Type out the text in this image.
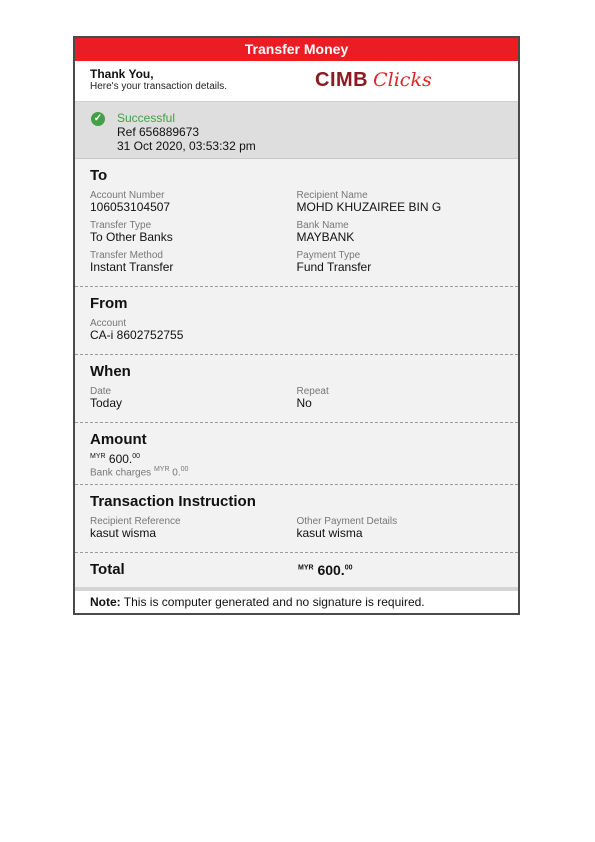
Transfer Money
Thank You,
Here's your transaction details.	CIMB Clicks
✓ Successful
Ref 656889673
31 Oct 2020, 03:53:32 pm
To
Account Number
106053104507
Recipient Name
MOHD KHUZAIREE BIN G
Transfer Type
To Other Banks
Bank Name
MAYBANK
Transfer Method
Instant Transfer
Payment Type
Fund Transfer
From
Account
CA-i 8602752755
When
Date
Today
Repeat
No
Amount
$^{MYR}$ 600.00
Bank charges $^{MYR}$ 0.00
Transaction Instruction
Recipient Reference
kasut wisma
Other Payment Details
kasut wisma
Total	$^{MYR}$ 600.00
Note: This is computer generated and no signature is required.
